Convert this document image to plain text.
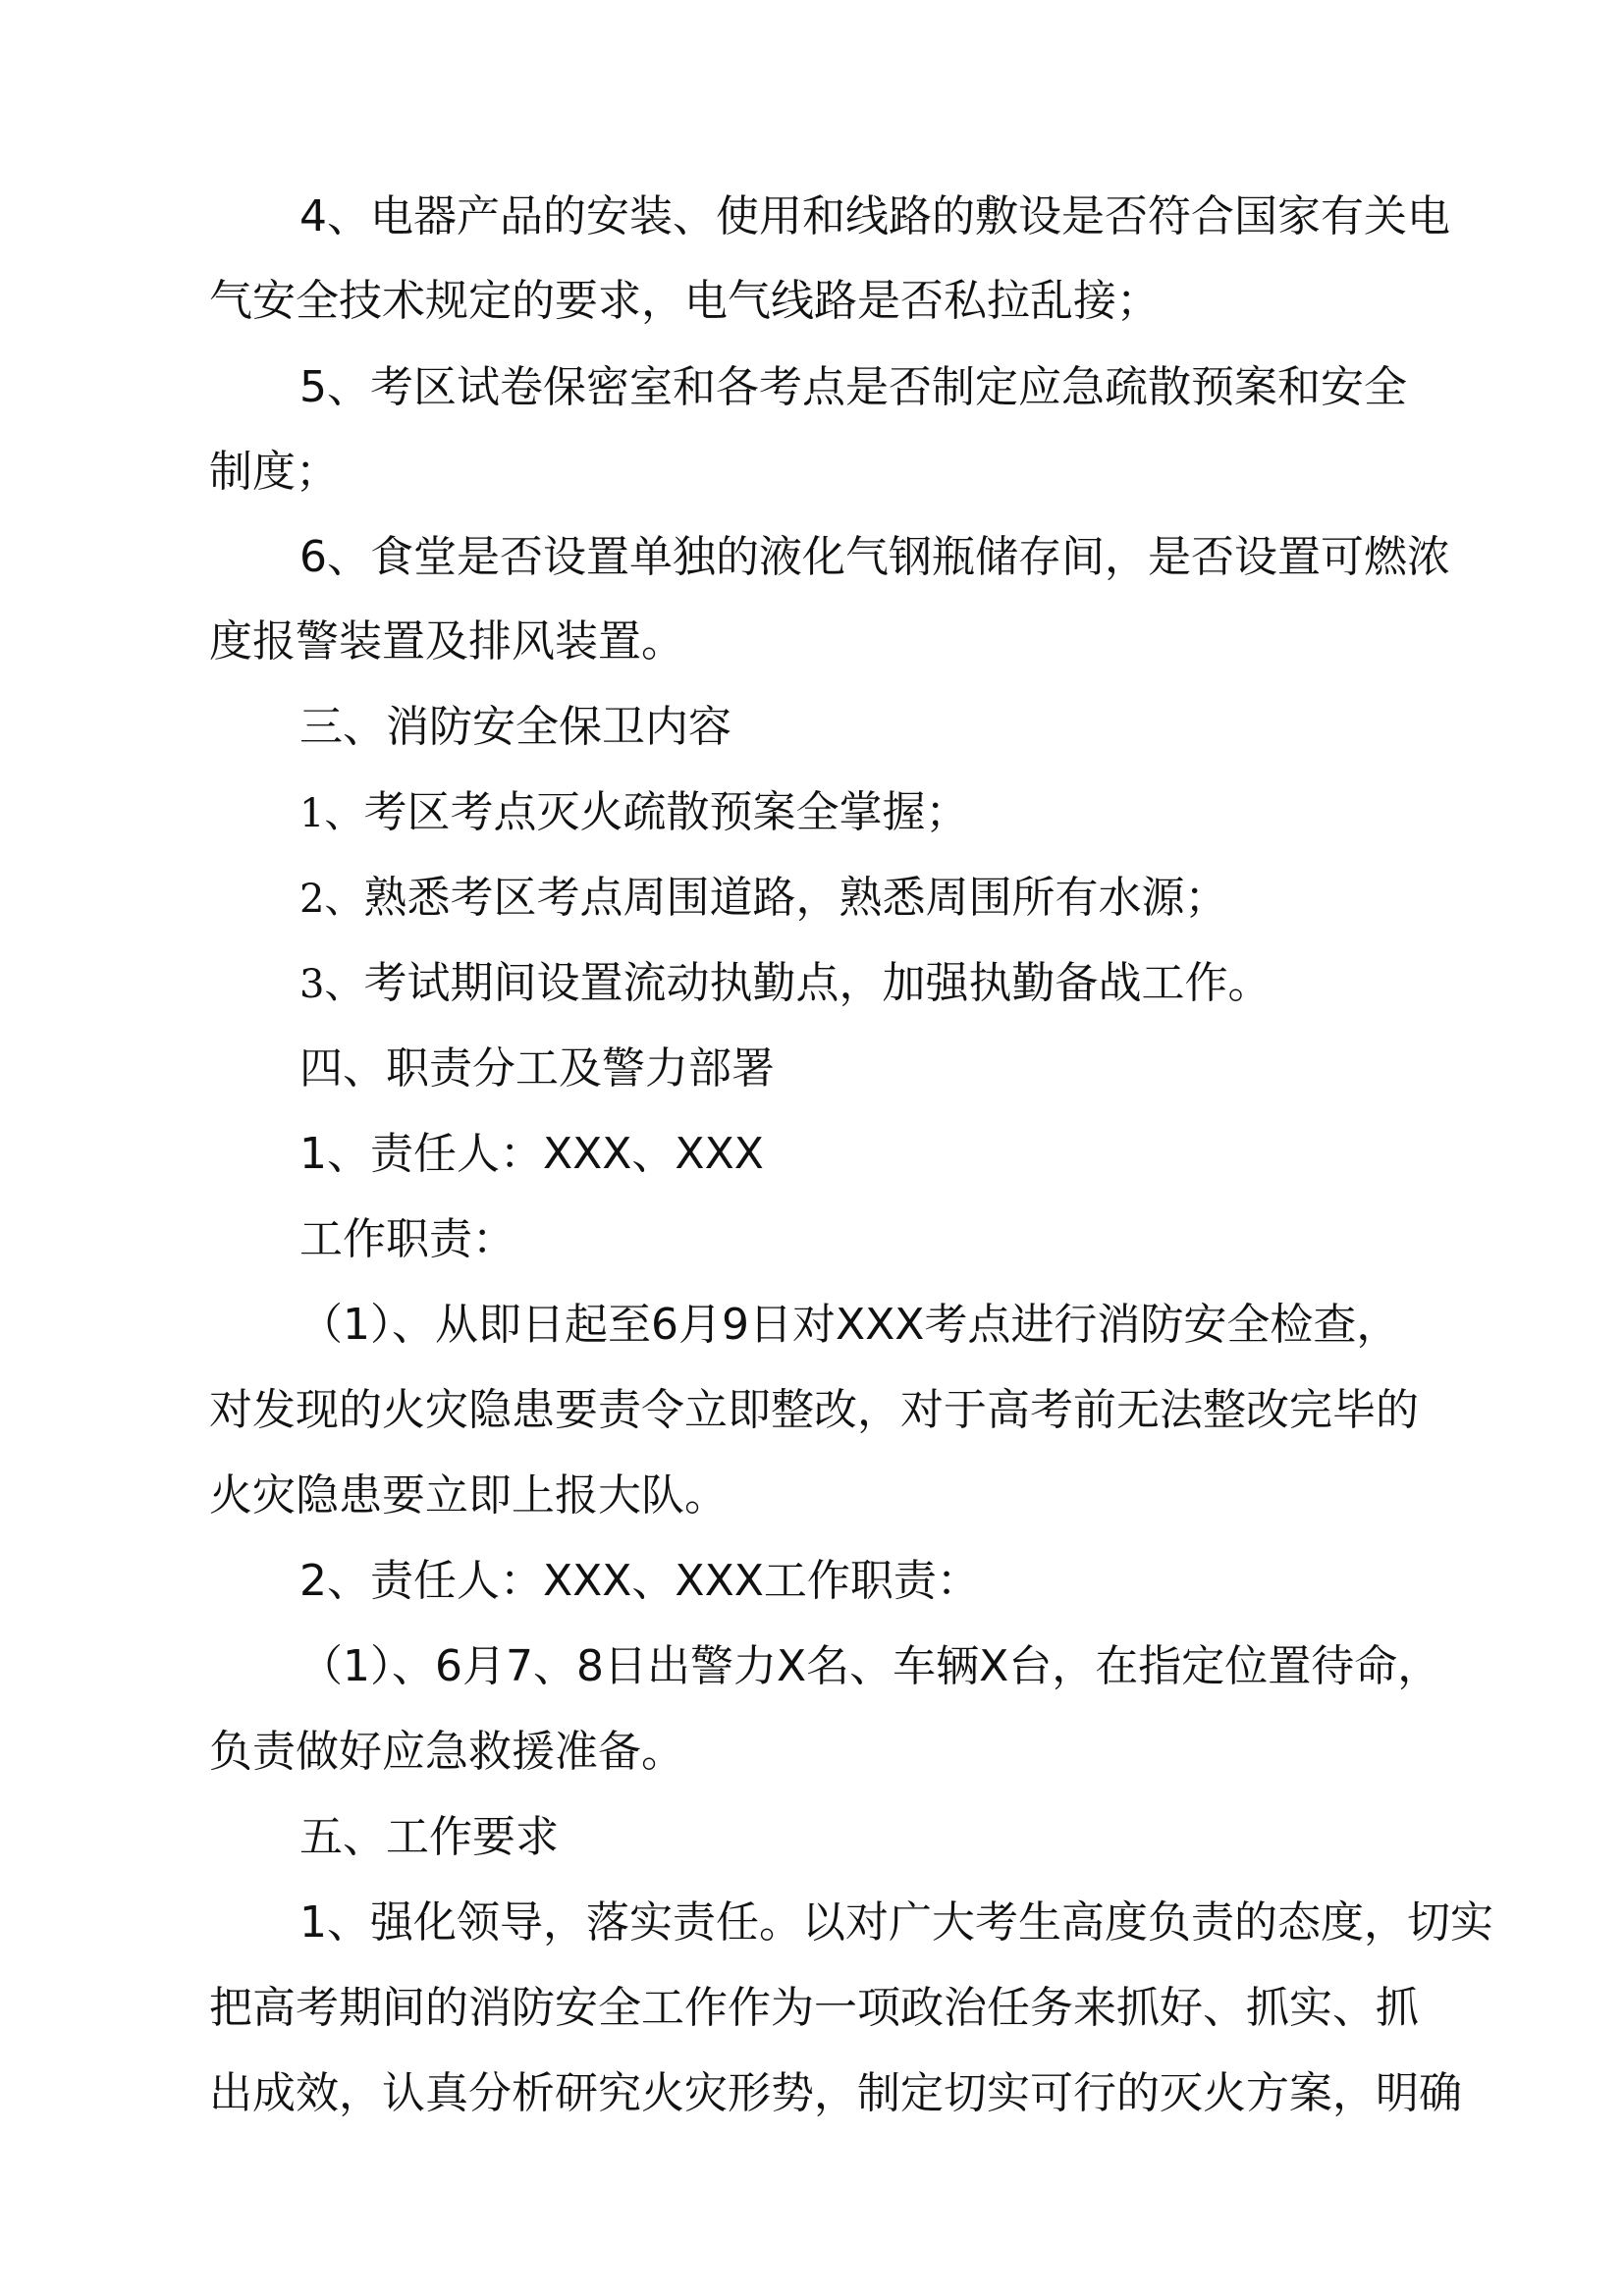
4、电器产品的安装、使用和线路的敷设是否符合国家有关电
气安全技术规定的要求，电气线路是否私拉乱接；
5、考区试卷保密室和各考点是否制定应急疏散预案和安全
制度；
6、食堂是否设置单独的液化气钢瓶储存间，是否设置可燃浓
度报警装置及排风装置。
三、消防安全保卫内容
1、考区考点灭火疏散预案全掌握；
2、熟悉考区考点周围道路，熟悉周围所有水源；
3、考试期间设置流动执勤点，加强执勤备战工作。
四、职责分工及警力部署
1、责任人：XXX、XXX
工作职责：
（1）、从即日起至6月9日对XXX考点进行消防安全检查，
对发现的火灾隐患要责令立即整改，对于高考前无法整改完毕的
火灾隐患要立即上报大队。
2、责任人：XXX、XXX工作职责：
（1）、6月7、8日出警力X名、车辆X台，在指定位置待命，
负责做好应急救援准备。
五、工作要求
1、强化领导，落实责任。以对广大考生高度负责的态度，切实
把高考期间的消防安全工作作为一项政治任务来抓好、抓实、抓
出成效，认真分析研究火灾形势，制定切实可行的灭火方案，明确
